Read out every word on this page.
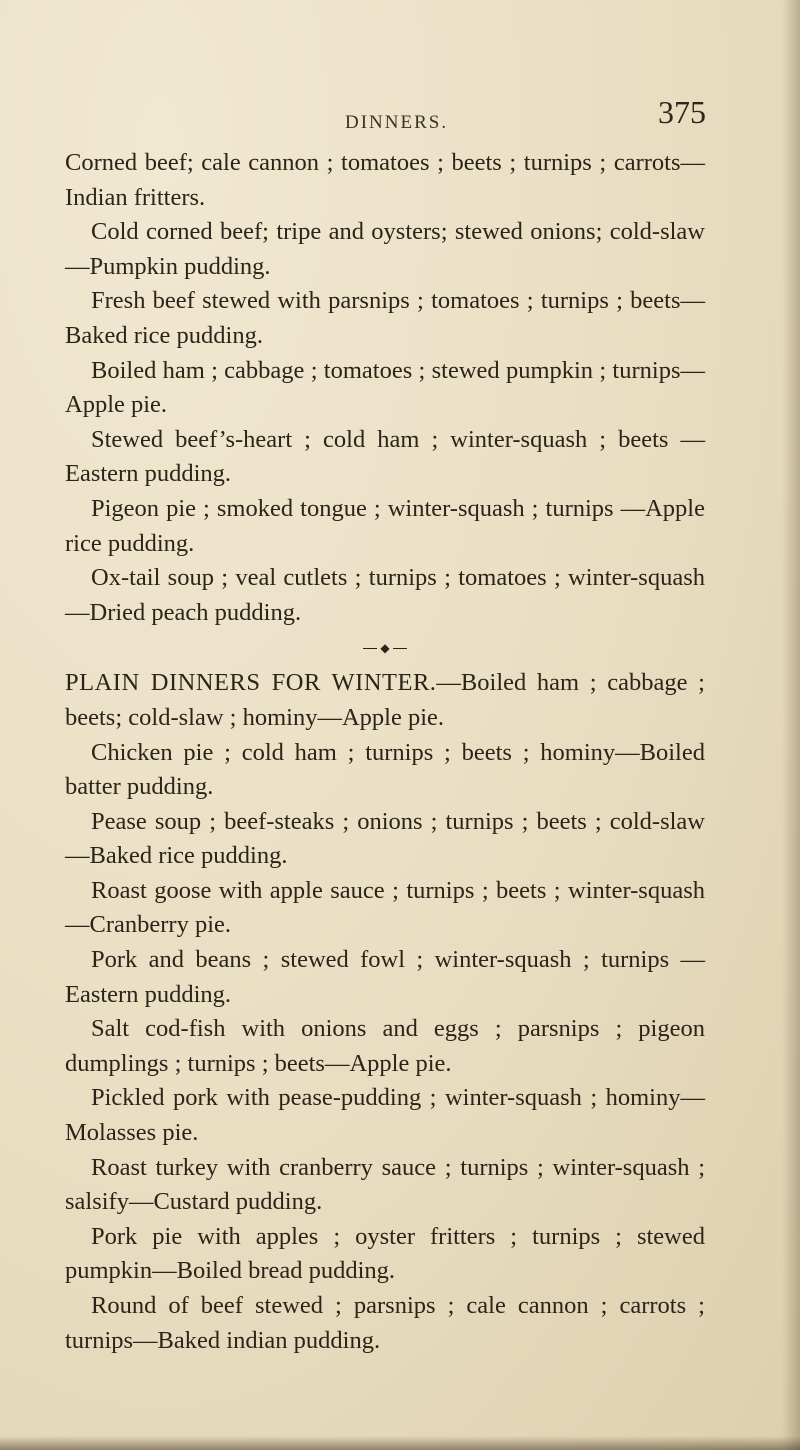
DINNERS.	375

Corned beef; cale cannon ; tomatoes ; beets ; turnips ; carrots—Indian fritters.

Cold corned beef; tripe and oysters; stewed onions; cold-slaw—Pumpkin pudding.

Fresh beef stewed with parsnips ; tomatoes ; turnips ; beets—Baked rice pudding.

Boiled ham ; cabbage ; tomatoes ; stewed pumpkin ; turnips—Apple pie.

Stewed beef’s-heart ; cold ham ; winter-squash ; beets —Eastern pudding.

Pigeon pie ; smoked tongue ; winter-squash ; turnips —Apple rice pudding.

Ox-tail soup ; veal cutlets ; turnips ; tomatoes ; winter-squash—Dried peach pudding.

◆

PLAIN DINNERS FOR WINTER.—Boiled ham ; cabbage ; beets; cold-slaw ; hominy—Apple pie.

Chicken pie ; cold ham ; turnips ; beets ; hominy—Boiled batter pudding.

Pease soup ; beef-steaks ; onions ; turnips ; beets ; cold-slaw—Baked rice pudding.

Roast goose with apple sauce ; turnips ; beets ; winter-squash—Cranberry pie.

Pork and beans ; stewed fowl ; winter-squash ; turnips —Eastern pudding.

Salt cod-fish with onions and eggs ; parsnips ; pigeon dumplings ; turnips ; beets—Apple pie.

Pickled pork with pease-pudding ; winter-squash ; hominy—Molasses pie.

Roast turkey with cranberry sauce ; turnips ; winter-squash ; salsify—Custard pudding.

Pork pie with apples ; oyster fritters ; turnips ; stewed pumpkin—Boiled bread pudding.

Round of beef stewed ; parsnips ; cale cannon ; carrots ; turnips—Baked indian pudding.
